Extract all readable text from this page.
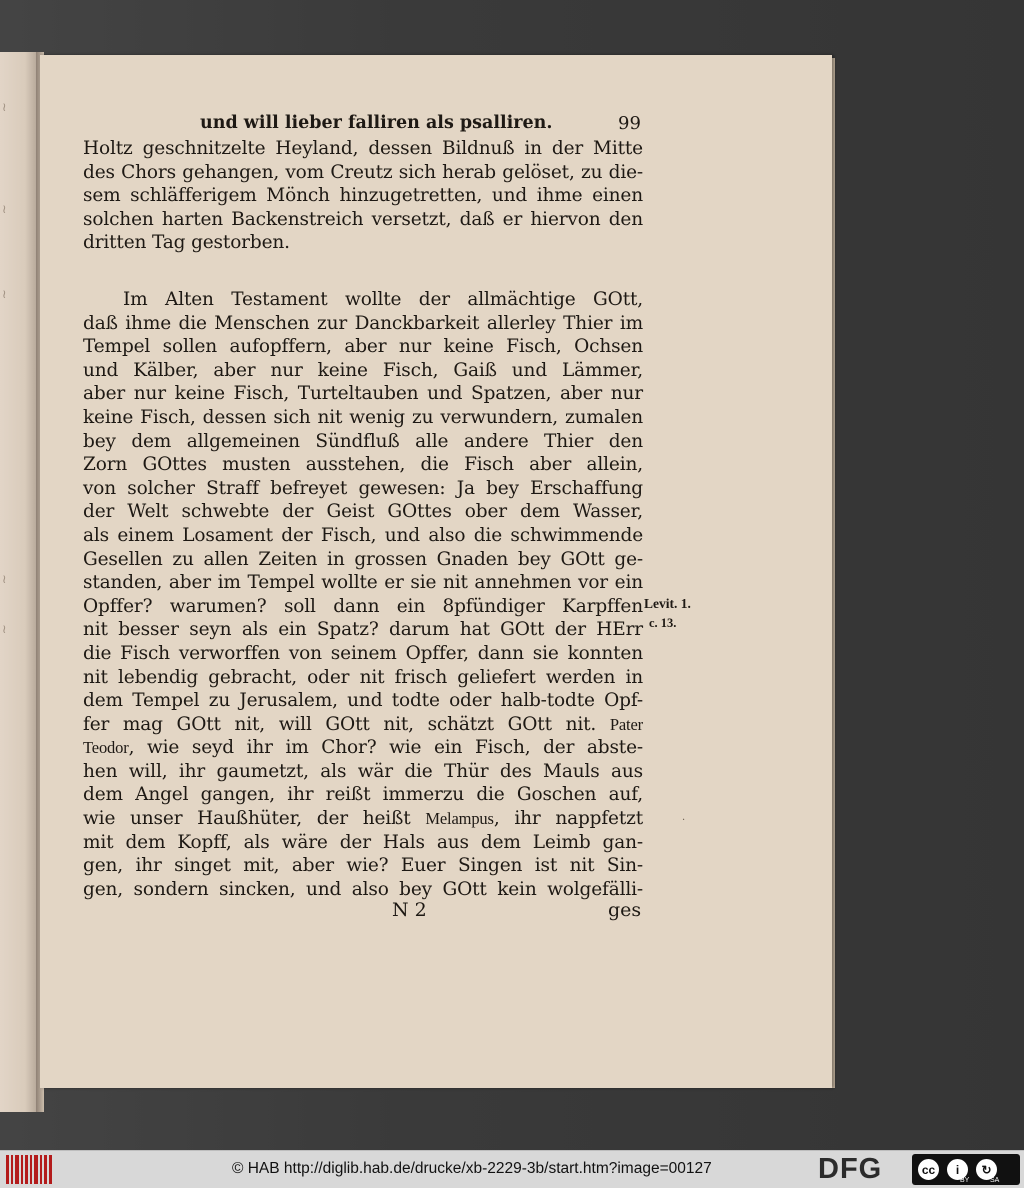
≀
≀
≀
≀
≀
und will lieber falliren als psalliren.	99
Holtz geschnitzelte Heyland, dessen Bildnuß in der Mitte
des Chors gehangen, vom Creutz sich herab gelöset, zu die-
sem schläfferigem Mönch hinzugetretten, und ihme einen
solchen harten Backenstreich versetzt, daß er hiervon den
dritten Tag gestorben.
Im Alten Testament wollte der allmächtige GOtt,
daß ihme die Menschen zur Danckbarkeit allerley Thier im
Tempel sollen aufopffern, aber nur keine Fisch, Ochsen
und Kälber, aber nur keine Fisch, Gaiß und Lämmer,
aber nur keine Fisch, Turteltauben und Spatzen, aber nur
keine Fisch, dessen sich nit wenig zu verwundern, zumalen
bey dem allgemeinen Sündfluß alle andere Thier den
Zorn GOttes musten ausstehen, die Fisch aber allein,
von solcher Straff befreyet gewesen: Ja bey Erschaffung
der Welt schwebte der Geist GOttes ober dem Wasser,
als einem Losament der Fisch, und also die schwimmende
Gesellen zu allen Zeiten in grossen Gnaden bey GOtt ge-
standen, aber im Tempel wollte er sie nit annehmen vor ein
Opffer? warumen? soll dann ein 8pfündiger Karpffen
nit besser seyn als ein Spatz? darum hat GOtt der HErr
die Fisch verworffen von seinem Opffer, dann sie konnten
nit lebendig gebracht, oder nit frisch geliefert werden in
dem Tempel zu Jerusalem, und todte oder halb-todte Opf-
fer mag GOtt nit, will GOtt nit, schätzt GOtt nit. Pater
Teodor, wie seyd ihr im Chor? wie ein Fisch, der abste-
hen will, ihr gaumetzt, als wär die Thür des Mauls aus
dem Angel gangen, ihr reißt immerzu die Goschen auf,
wie unser Haußhüter, der heißt Melampus, ihr nappfetzt
mit dem Kopff, als wäre der Hals aus dem Leimb gan-
gen, ihr singet mit, aber wie? Euer Singen ist nit Sin-
gen, sondern sincken, und also bey GOtt kein wolgefälli-
Levit. 1.
c. 13.
N 2	ges
·
© HAB http://diglib.hab.de/drucke/xb-2229-3b/start.htm?image=00127	DFG	cc	i	↻
BY	SA
